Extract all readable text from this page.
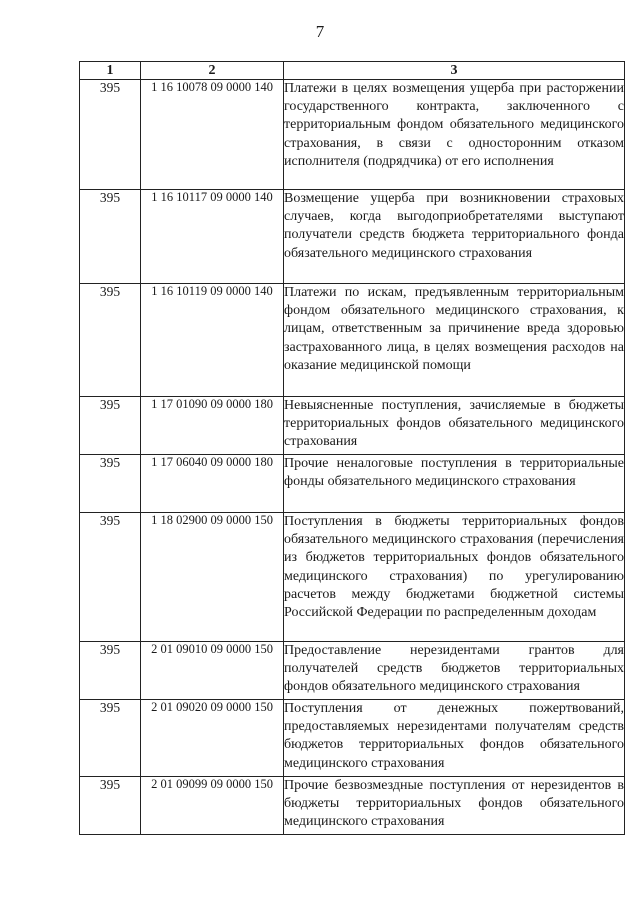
7
1	2	3
395	1 16 10078 09 0000 140	Платежи в целях возмещения ущерба при расторжении государственного контракта, заключенного с территориальным фондом обязательного медицинского страхования, в связи с односторонним отказом исполнителя (подрядчика) от его исполнения
395	1 16 10117 09 0000 140	Возмещение ущерба при возникновении страховых случаев, когда выгодоприобретателями выступают получатели средств бюджета территориального фонда обязательного медицинского страхования
395	1 16 10119 09 0000 140	Платежи по искам, предъявленным территориальным фондом обязательного медицинского страхования, к лицам, ответственным за причинение вреда здоровью застрахованного лица, в целях возмещения расходов на оказание медицинской помощи
395	1 17 01090 09 0000 180	Невыясненные поступления, зачисляемые в бюджеты территориальных фондов обязательного медицинского страхования
395	1 17 06040 09 0000 180	Прочие неналоговые поступления в территориальные фонды обязательного медицинского страхования
395	1 18 02900 09 0000 150	Поступления в бюджеты территориальных фондов обязательного медицинского страхования (перечисления из бюджетов территориальных фондов обязательного медицинского страхования) по урегулированию расчетов между бюджетами бюджетной системы Российской Федерации по распределенным доходам
395	2 01 09010 09 0000 150	Предоставление нерезидентами грантов для получателей средств бюджетов территориальных фондов обязательного медицинского страхования
395	2 01 09020 09 0000 150	Поступления от денежных пожертвований, предоставляемых нерезидентами получателям средств бюджетов территориальных фондов обязательного медицинского страхования
395	2 01 09099 09 0000 150	Прочие безвозмездные поступления от нерезидентов в бюджеты территориальных фондов обязательного медицинского страхования
